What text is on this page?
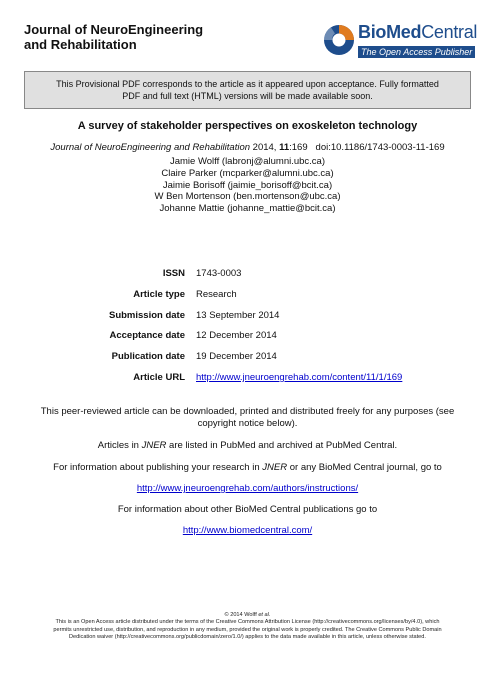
Journal of NeuroEngineering
and Rehabilitation
BioMedCentral
The Open Access Publisher
This Provisional PDF corresponds to the article as it appeared upon acceptance. Fully formatted
PDF and full text (HTML) versions will be made available soon.
A survey of stakeholder perspectives on exoskeleton technology
Journal of NeuroEngineering and Rehabilitation 2014, 11:169 doi:10.1186/1743-0003-11-169
Jamie Wolff (labronj@alumni.ubc.ca)
Claire Parker (mcparker@alumni.ubc.ca)
Jaimie Borisoff (jaimie_borisoff@bcit.ca)
W Ben Mortenson (ben.mortenson@ubc.ca)
Johanne Mattie (johanne_mattie@bcit.ca)
ISSN 1743-0003
Article type Research
Submission date 13 September 2014
Acceptance date 12 December 2014
Publication date 19 December 2014
Article URL http://www.jneuroengrehab.com/content/11/1/169
This peer-reviewed article can be downloaded, printed and distributed freely for any purposes (see
copyright notice below).
Articles in JNER are listed in PubMed and archived at PubMed Central.
For information about publishing your research in JNER or any BioMed Central journal, go to
http://www.jneuroengrehab.com/authors/instructions/
For information about other BioMed Central publications go to
http://www.biomedcentral.com/
© 2014 Wolff et al.
This is an Open Access article distributed under the terms of the Creative Commons Attribution License (http://creativecommons.org/licenses/by/4.0), which
permits unrestricted use, distribution, and reproduction in any medium, provided the original work is properly credited. The Creative Commons Public Domain
Dedication waiver (http://creativecommons.org/publicdomain/zero/1.0/) applies to the data made available in this article, unless otherwise stated.
